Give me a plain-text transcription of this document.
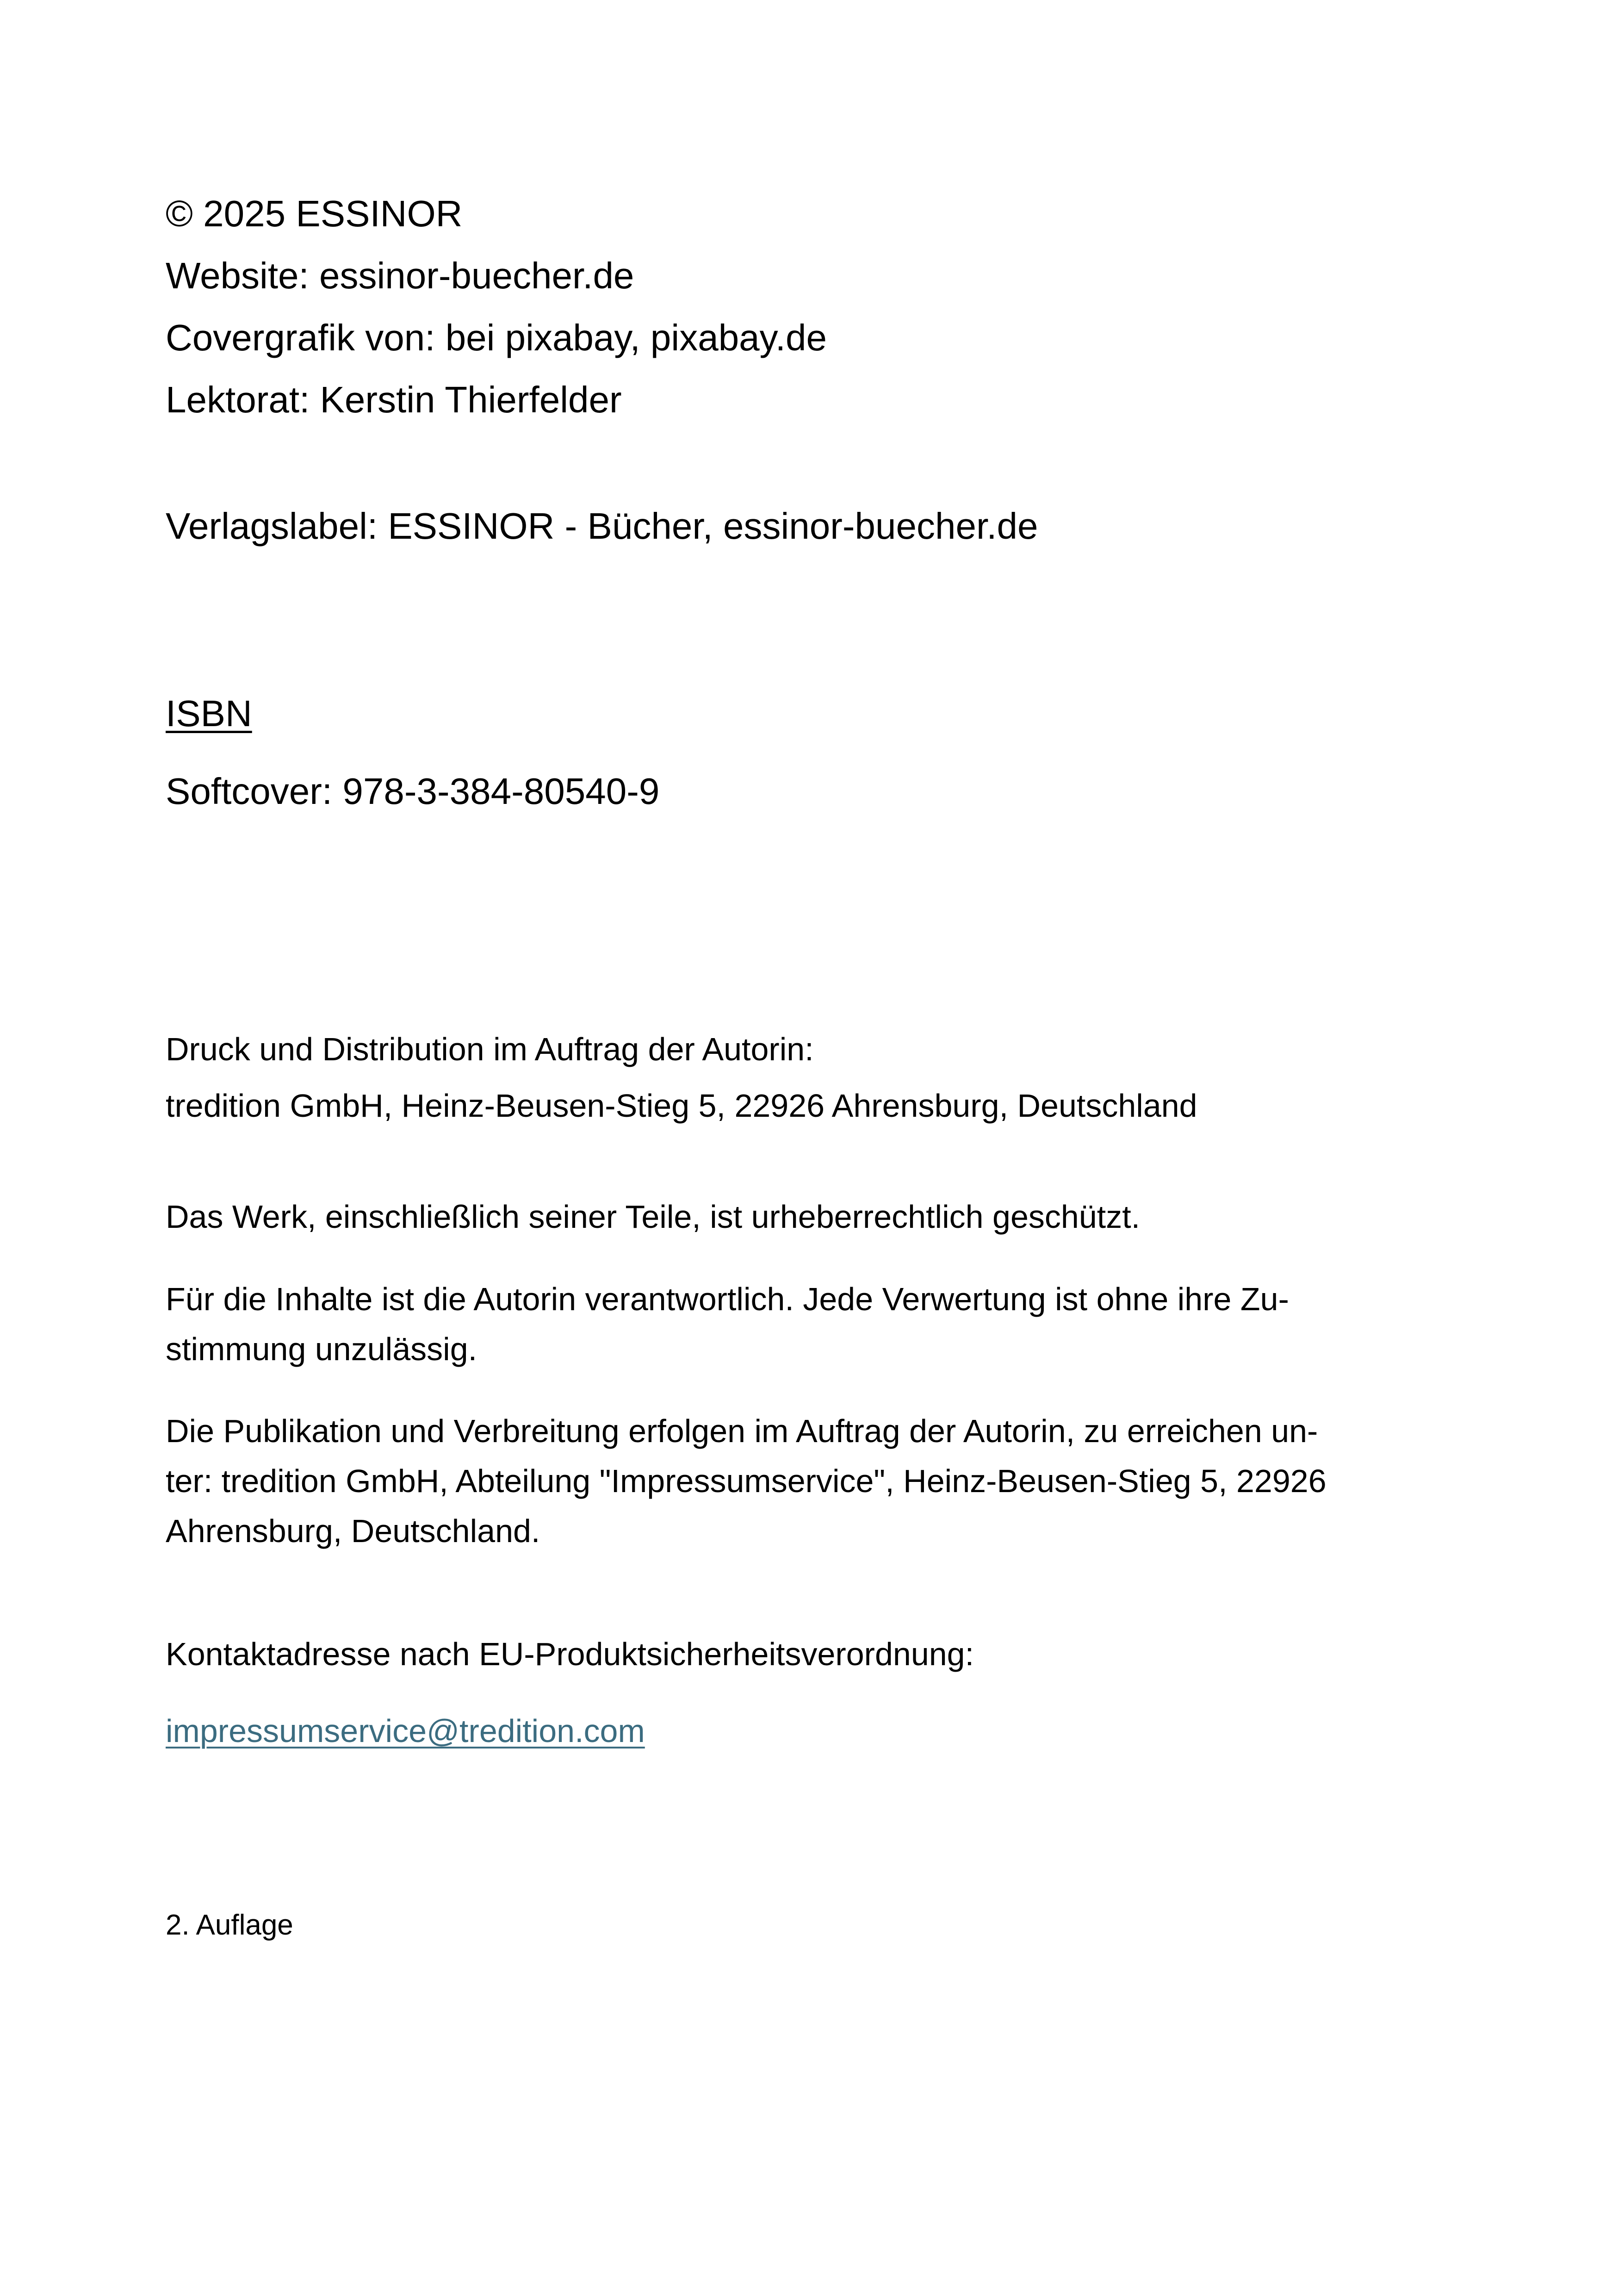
© 2025 ESSINOR
Website: essinor-buecher.de
Covergrafik von: bei pixabay, pixabay.de
Lektorat: Kerstin Thierfelder
Verlagslabel: ESSINOR - Bücher, essinor-buecher.de
ISBN
Softcover: 978-3-384-80540-9
Druck und Distribution im Auftrag der Autorin:
tredition GmbH, Heinz-Beusen-Stieg 5, 22926 Ahrensburg, Deutschland
Das Werk, einschließlich seiner Teile, ist urheberrechtlich geschützt.
Für die Inhalte ist die Autorin verantwortlich. Jede Verwertung ist ohne ihre Zu-
stimmung unzulässig.
Die Publikation und Verbreitung erfolgen im Auftrag der Autorin, zu erreichen un-
ter: tredition GmbH, Abteilung "Impressumservice", Heinz-Beusen-Stieg 5, 22926
Ahrensburg, Deutschland.
Kontaktadresse nach EU-Produktsicherheitsverordnung:
impressumservice@tredition.com
2. Auflage
